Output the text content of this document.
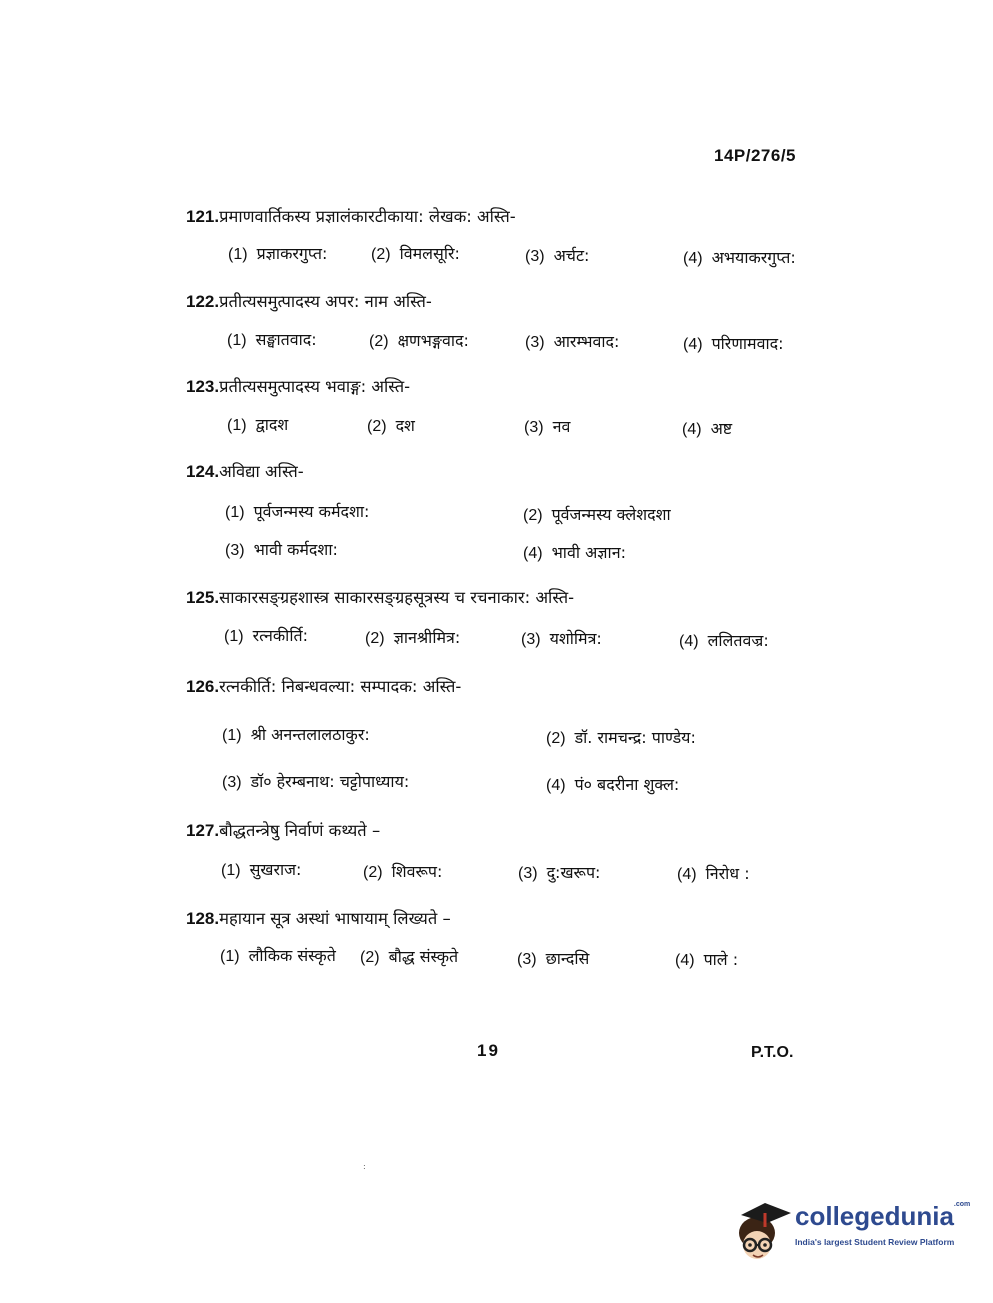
14P/276/5
121.प्रमाणवार्तिकस्य प्रज्ञालंकारटीकाया: लेखक: अस्ति-
(1) प्रज्ञाकरगुप्त:	(2) विमलसूरि:	(3) अर्चट:	(4) अभयाकरगुप्त:
122.प्रतीत्यसमुत्पादस्य अपर: नाम अस्ति-
(1) सङ्घातवाद:	(2) क्षणभङ्गवाद:	(3) आरम्भवाद:	(4) परिणामवाद:
123.प्रतीत्यसमुत्पादस्य भवाङ्ग: अस्ति-
(1) द्वादश	(2) दश	(3) नव	(4) अष्ट
124.अविद्या अस्ति-
(1) पूर्वजन्मस्य कर्मदशा:	(2) पूर्वजन्मस्य क्लेशदशा
(3) भावी कर्मदशा:	(4) भावी अज्ञान:
125.साकारसङ्ग्रहशास्त्र साकारसङ्ग्रहसूत्रस्य च रचनाकार: अस्ति-
(1) रत्नकीर्ति:	(2) ज्ञानश्रीमित्र:	(3) यशोमित्र:	(4) ललितवज्र:
126.रत्नकीर्ति: निबन्धवल्या: सम्पादक: अस्ति-
(1) श्री अनन्तलालठाकुर:	(2) डॉ. रामचन्द्र: पाण्डेय:
(3) डॉ० हेरम्बनाथ: चट्टोपाध्याय:	(4) पं० बदरीना शुक्ल:
127.बौद्धतन्त्रेषु निर्वाणं कथ्यते –
(1) सुखराज:	(2) शिवरूप:	(3) दु:खरूप:	(4) निरोध :
128.महायान सूत्र अस्थां भाषायाम् लिख्यते –
(1) लौकिक संस्कृते (2) बौद्ध संस्कृते	(3) छान्दसि	(4) पाले :
19	P.T.O.
:
collegedunia$^{.com}$
India's largest Student Review Platform
